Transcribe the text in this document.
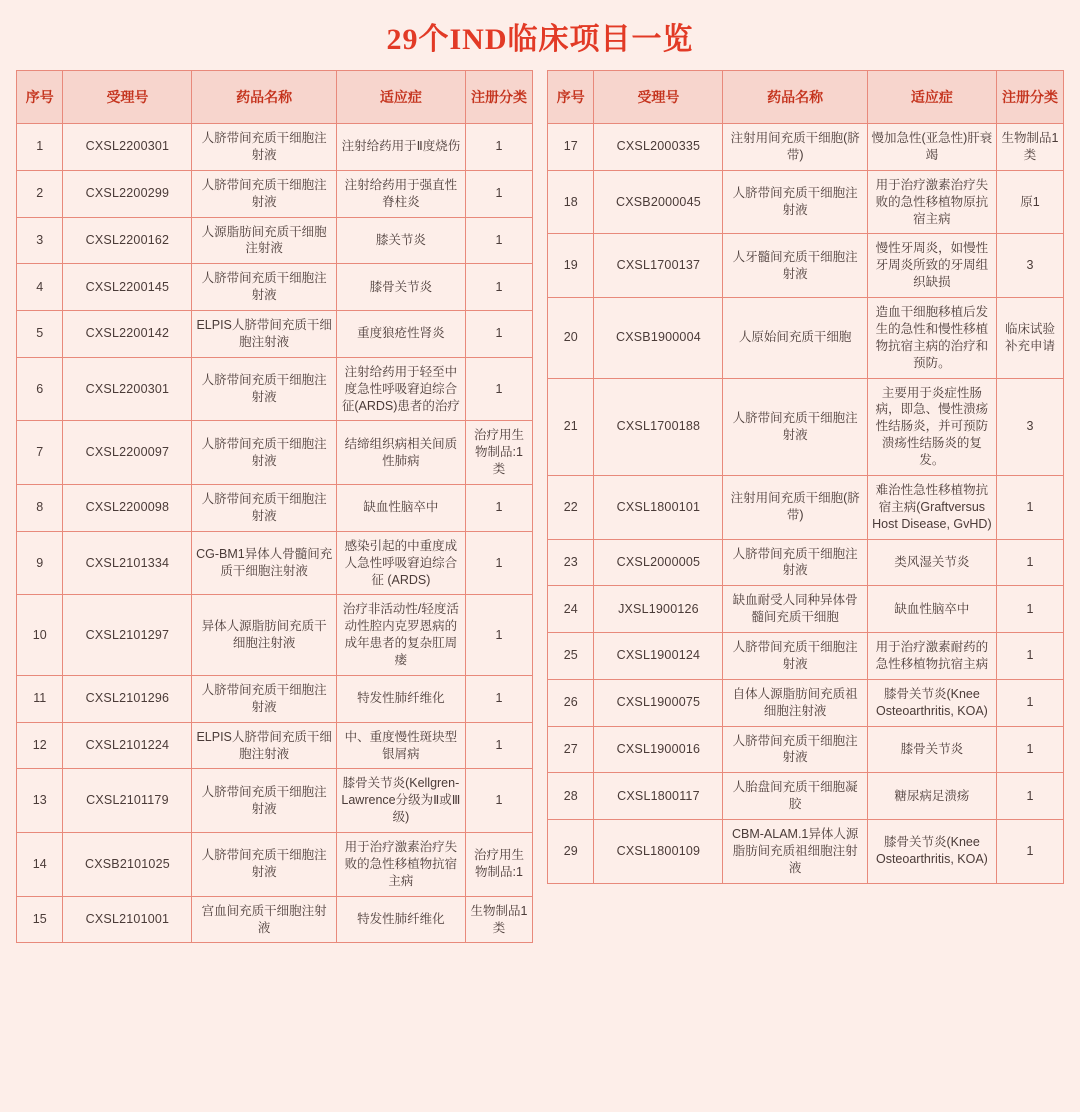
29个IND临床项目一览
序号	受理号	药品名称	适应症	注册分类
1	CXSL2200301	人脐带间充质干细胞注射液	注射给药用于Ⅱ度烧伤	1
2	CXSL2200299	人脐带间充质干细胞注射液	注射给药用于强直性脊柱炎	1
3	CXSL2200162	人源脂肪间充质干细胞注射液	膝关节炎	1
4	CXSL2200145	人脐带间充质干细胞注射液	膝骨关节炎	1
5	CXSL2200142	ELPIS人脐带间充质干细胞注射液	重度狼疮性肾炎	1
6	CXSL2200301	人脐带间充质干细胞注射液	注射给药用于轻至中度急性呼吸窘迫综合征(ARDS)患者的治疗	1
7	CXSL2200097	人脐带间充质干细胞注射液	结缔组织病相关间质性肺病	治疗用生物制品:1类
8	CXSL2200098	人脐带间充质干细胞注射液	缺血性脑卒中	1
9	CXSL2101334	CG-BM1异体人骨髓间充质干细胞注射液	感染引起的中重度成人急性呼吸窘迫综合征 (ARDS)	1
10	CXSL2101297	异体人源脂肪间充质干细胞注射液	治疗非活动性/轻度活动性腔内克罗恩病的成年患者的复杂肛周瘘	1
11	CXSL2101296	人脐带间充质干细胞注射液	特发性肺纤维化	1
12	CXSL2101224	ELPIS人脐带间充质干细胞注射液	中、重度慢性斑块型银屑病	1
13	CXSL2101179	人脐带间充质干细胞注射液	膝骨关节炎(Kellgren-Lawrence分级为Ⅱ或Ⅲ级)	1
14	CXSB2101025	人脐带间充质干细胞注射液	用于治疗激素治疗失败的急性移植物抗宿主病	治疗用生物制品:1
15	CXSL2101001	宫血间充质干细胞注射液	特发性肺纤维化	生物制品1类
序号	受理号	药品名称	适应症	注册分类
17	CXSL2000335	注射用间充质干细胞(脐带)	慢加急性(亚急性)肝衰竭	生物制品1类
18	CXSB2000045	人脐带间充质干细胞注射液	用于治疗激素治疗失败的急性移植物原抗宿主病	原1
19	CXSL1700137	人牙髓间充质干细胞注射液	慢性牙周炎，如慢性牙周炎所致的牙周组织缺损	3
20	CXSB1900004	人原始间充质干细胞	造血干细胞移植后发生的急性和慢性移植物抗宿主病的治疗和预防。	临床试验补充申请
21	CXSL1700188	人脐带间充质干细胞注射液	主要用于炎症性肠病，即急、慢性溃疡性结肠炎，并可预防溃疡性结肠炎的复发。	3
22	CXSL1800101	注射用间充质干细胞(脐带)	难治性急性移植物抗宿主病(Graftversus Host Disease, GvHD)	1
23	CXSL2000005	人脐带间充质干细胞注射液	类风湿关节炎	1
24	JXSL1900126	缺血耐受人同种异体骨髓间充质干细胞	缺血性脑卒中	1
25	CXSL1900124	人脐带间充质干细胞注射液	用于治疗激素耐药的急性移植物抗宿主病	1
26	CXSL1900075	自体人源脂肪间充质祖细胞注射液	膝骨关节炎(Knee Osteoarthritis, KOA)	1
27	CXSL1900016	人脐带间充质干细胞注射液	膝骨关节炎	1
28	CXSL1800117	人胎盘间充质干细胞凝胶	糖尿病足溃疡	1
29	CXSL1800109	CBM-ALAM.1异体人源脂肪间充质祖细胞注射液	膝骨关节炎(Knee Osteoarthritis, KOA)	1
